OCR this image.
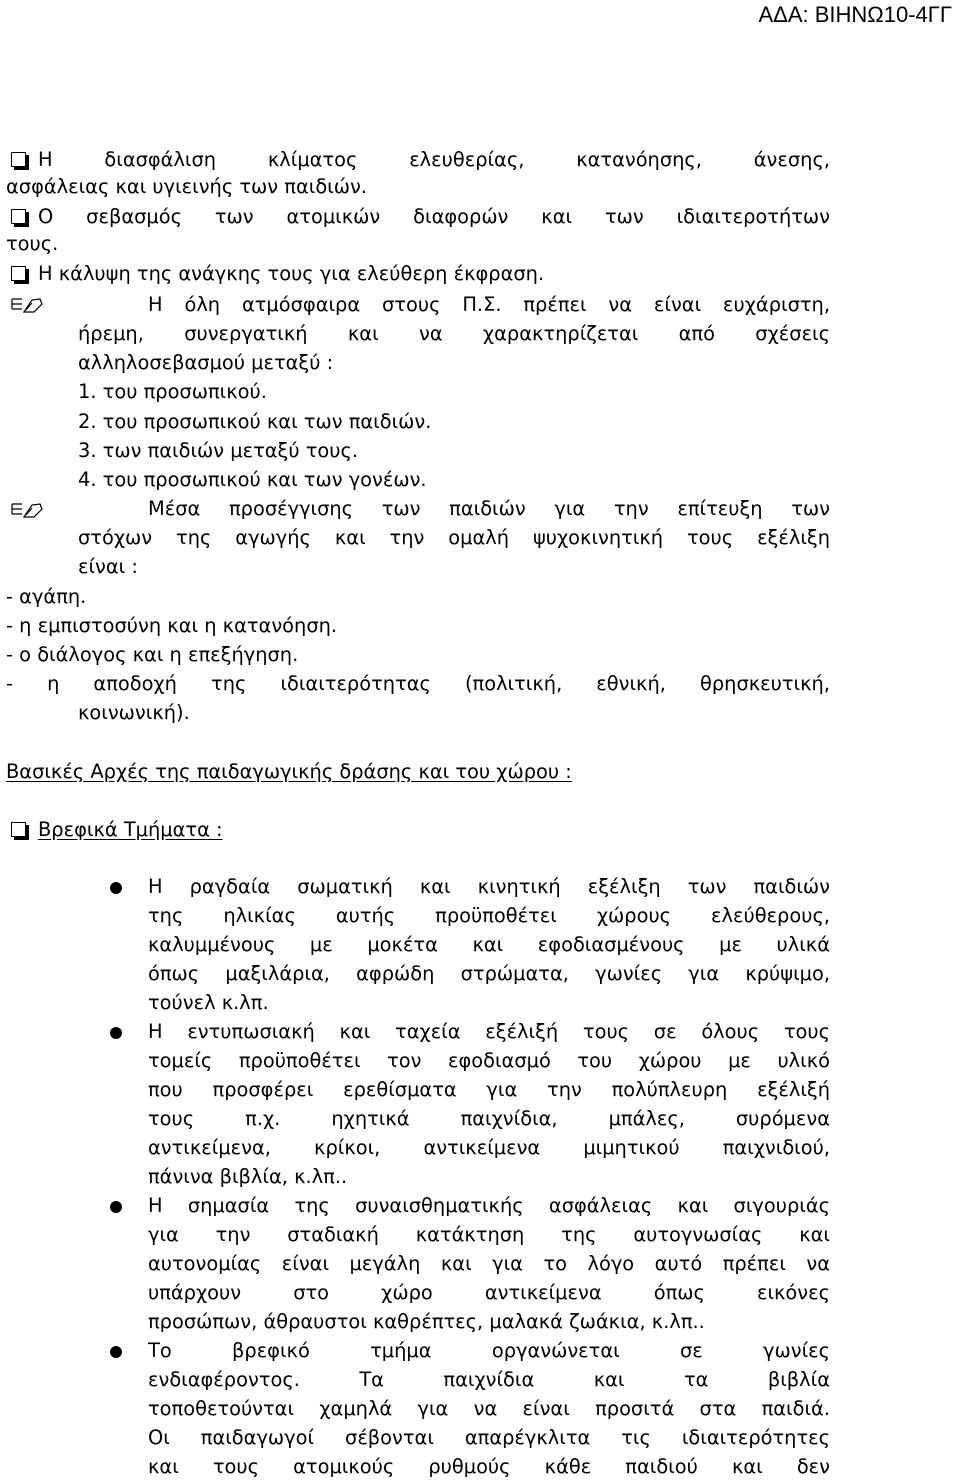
ΑΔΑ: ΒΙΗΝΩ10-4ΓΓ

Η διασφάλιση κλίματος ελευθερίας, κατανόησης, άνεσης,

ασφάλειας και υγιεινής των παιδιών.

Ο σεβασμός των ατομικών διαφορών και των ιδιαιτεροτήτων

τους.

Η κάλυψη της ανάγκης τους για ελεύθερη έκφραση.

Η όλη ατμόσφαιρα στους Π.Σ. πρέπει να είναι ευχάριστη,

ήρεμη, συνεργατική και να χαρακτηρίζεται από σχέσεις

αλληλοσεβασμού μεταξύ :

1. του προσωπικού.

2. του προσωπικού και των παιδιών.

3. των παιδιών μεταξύ τους.

4. του προσωπικού και των γονέων.

Μέσα προσέγγισης των παιδιών για την επίτευξη των

στόχων της αγωγής και την ομαλή ψυχοκινητική τους εξέλιξη

είναι :

- αγάπη.

- η εμπιστοσύνη και η κατανόηση.

- ο διάλογος και η επεξήγηση.

- η αποδοχή της ιδιαιτερότητας (πολιτική, εθνική, θρησκευτική,

κοινωνική).

Βασικές Αρχές της παιδαγωγικής δράσης και του χώρου :

Βρεφικά Τμήματα :

Η ραγδαία σωματική και κινητική εξέλιξη των παιδιών

της ηλικίας αυτής προϋποθέτει χώρους ελεύθερους,

καλυμμένους με μοκέτα και εφοδιασμένους με υλικά

όπως μαξιλάρια, αφρώδη στρώματα, γωνίες για κρύψιμο,

τούνελ κ.λπ.

Η εντυπωσιακή και ταχεία εξέλιξή τους σε όλους τους

τομείς προϋποθέτει τον εφοδιασμό του χώρου με υλικό

που προσφέρει ερεθίσματα για την πολύπλευρη εξέλιξή

τους π.χ. ηχητικά παιχνίδια, μπάλες, συρόμενα

αντικείμενα, κρίκοι, αντικείμενα μιμητικού παιχνιδιού,

πάνινα βιβλία, κ.λπ..

Η σημασία της συναισθηματικής ασφάλειας και σιγουριάς

για την σταδιακή κατάκτηση της αυτογνωσίας και

αυτονομίας είναι μεγάλη και για το λόγο αυτό πρέπει να

υπάρχουν στο χώρο αντικείμενα όπως εικόνες

προσώπων, άθραυστοι καθρέπτες, μαλακά ζωάκια, κ.λπ..

Το βρεφικό τμήμα οργανώνεται σε γωνίες

ενδιαφέροντος. Τα παιχνίδια και τα βιβλία

τοποθετούνται χαμηλά για να είναι προσιτά στα παιδιά.

Οι παιδαγωγοί σέβονται απαρέγκλιτα τις ιδιαιτερότητες

και τους ατομικούς ρυθμούς κάθε παιδιού και δεν
